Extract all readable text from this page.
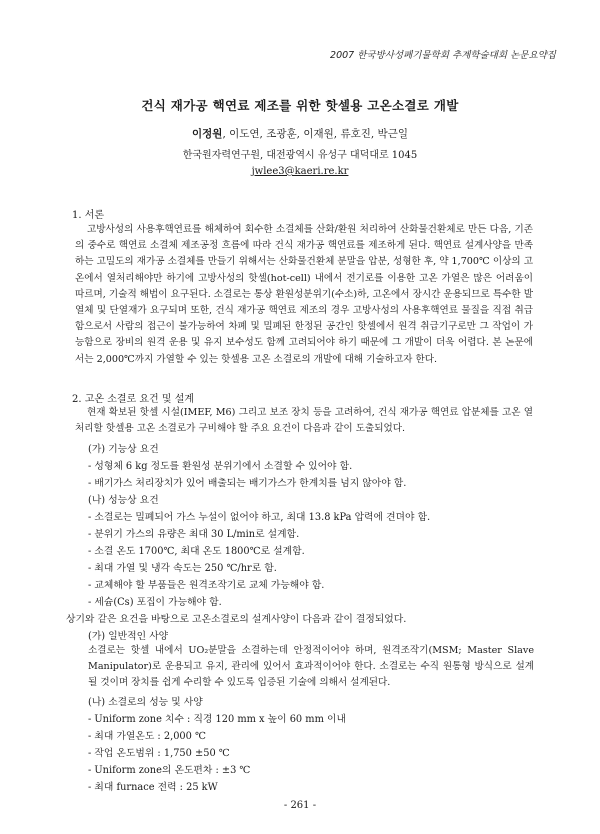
2007 한국방사성폐기물학회 추계학술대회 논문요약집
건식 재가공 핵연료 제조를 위한 핫셀용 고온소결로 개발
이정원, 이도연, 조광훈, 이재원, 류호진, 박근일
한국원자력연구원, 대전광역시 유성구 대덕대로 1045
jwlee3@kaeri.re.kr
1. 서론
고방사성의 사용후핵연료를 해체하여 회수한 소결체를 산화/환원 처리하여 산화물건환체로 만든 다음, 기존의 중수로 핵연료 소결체 제조공정 흐름에 따라 건식 재가공 핵연료를 제조하게 된다. 핵연료 설계사양을 만족하는 고밀도의 재가공 소결체를 만들기 위해서는 산화물건환체 분말을 압분, 성형한 후, 약 1,700℃ 이상의 고온에서 열처리해야만 하기에 고방사성의 핫셀(hot-cell) 내에서 전기로를 이용한 고온 가열은 많은 어려움이 따르며, 기술적 해법이 요구된다. 소결로는 통상 환원성분위기(수소)하, 고온에서 장시간 운용되므로 특수한 발열체 및 단열재가 요구되며 또한, 건식 재가공 핵연료 제조의 경우 고방사성의 사용후핵연료 물질을 직접 취급함으로서 사람의 접근이 불가능하여 차폐 및 밀폐된 한정된 공간인 핫셀에서 원격 취급기구로만 그 작업이 가능함으로 장비의 원격 운용 및 유지 보수성도 함께 고려되어야 하기 때문에 그 개발이 더욱 어렵다. 본 논문에서는 2,000℃까지 가열할 수 있는 핫셀용 고온 소결로의 개발에 대해 기술하고자 한다.
2. 고온 소결로 요건 및 설계
현재 확보된 핫셀 시설(IMEF, M6) 그리고 보조 장치 등을 고려하여, 건식 재가공 핵연료 압분체를 고온 열처리할 핫셀용 고온 소결로가 구비해야 할 주요 요건이 다음과 같이 도출되었다.
(가) 기능상 요건
- 성형체 6 kg 정도를 환원성 분위기에서 소결할 수 있어야 함.
- 배기가스 처리장치가 있어 배출되는 배기가스가 한계치를 넘지 않아야 함.
(나) 성능상 요건
- 소결로는 밀폐되어 가스 누설이 없어야 하고, 최대 13.8 kPa 압력에 견뎌야 함.
- 분위기 가스의 유량은 최대 30 L/min로 설계함.
- 소결 온도 1700℃, 최대 온도 1800℃로 설계함.
- 최대 가열 및 냉각 속도는 250 ℃/hr로 함.
- 교체해야 할 부품들은 원격조작기로 교체 가능해야 함.
- 세슘(Cs) 포집이 가능해야 함.
상기와 같은 요건을 바탕으로 고온소결로의 설계사양이 다음과 같이 결정되었다.
(가) 일반적인 사양
소결로는 핫셀 내에서 UO₂분말을 소결하는데 안정적이어야 하며, 원격조작기(MSM; Master Slave Manipulator)로 운용되고 유지, 관리에 있어서 효과적이어야 한다. 소결로는 수직 원통형 방식으로 설계될 것이며 장치를 쉽게 수리할 수 있도록 입증된 기술에 의해서 설계된다.
(나) 소결로의 성능 및 사양
- Uniform zone 치수 : 직경 120 mm x 높이 60 mm 이내
- 최대 가열온도 : 2,000 ℃
- 작업 온도범위 : 1,750 ±50 ℃
- Uniform zone의 온도편차 : ±3 ℃
- 최대 furnace 전력 : 25 kW
- 261 -
